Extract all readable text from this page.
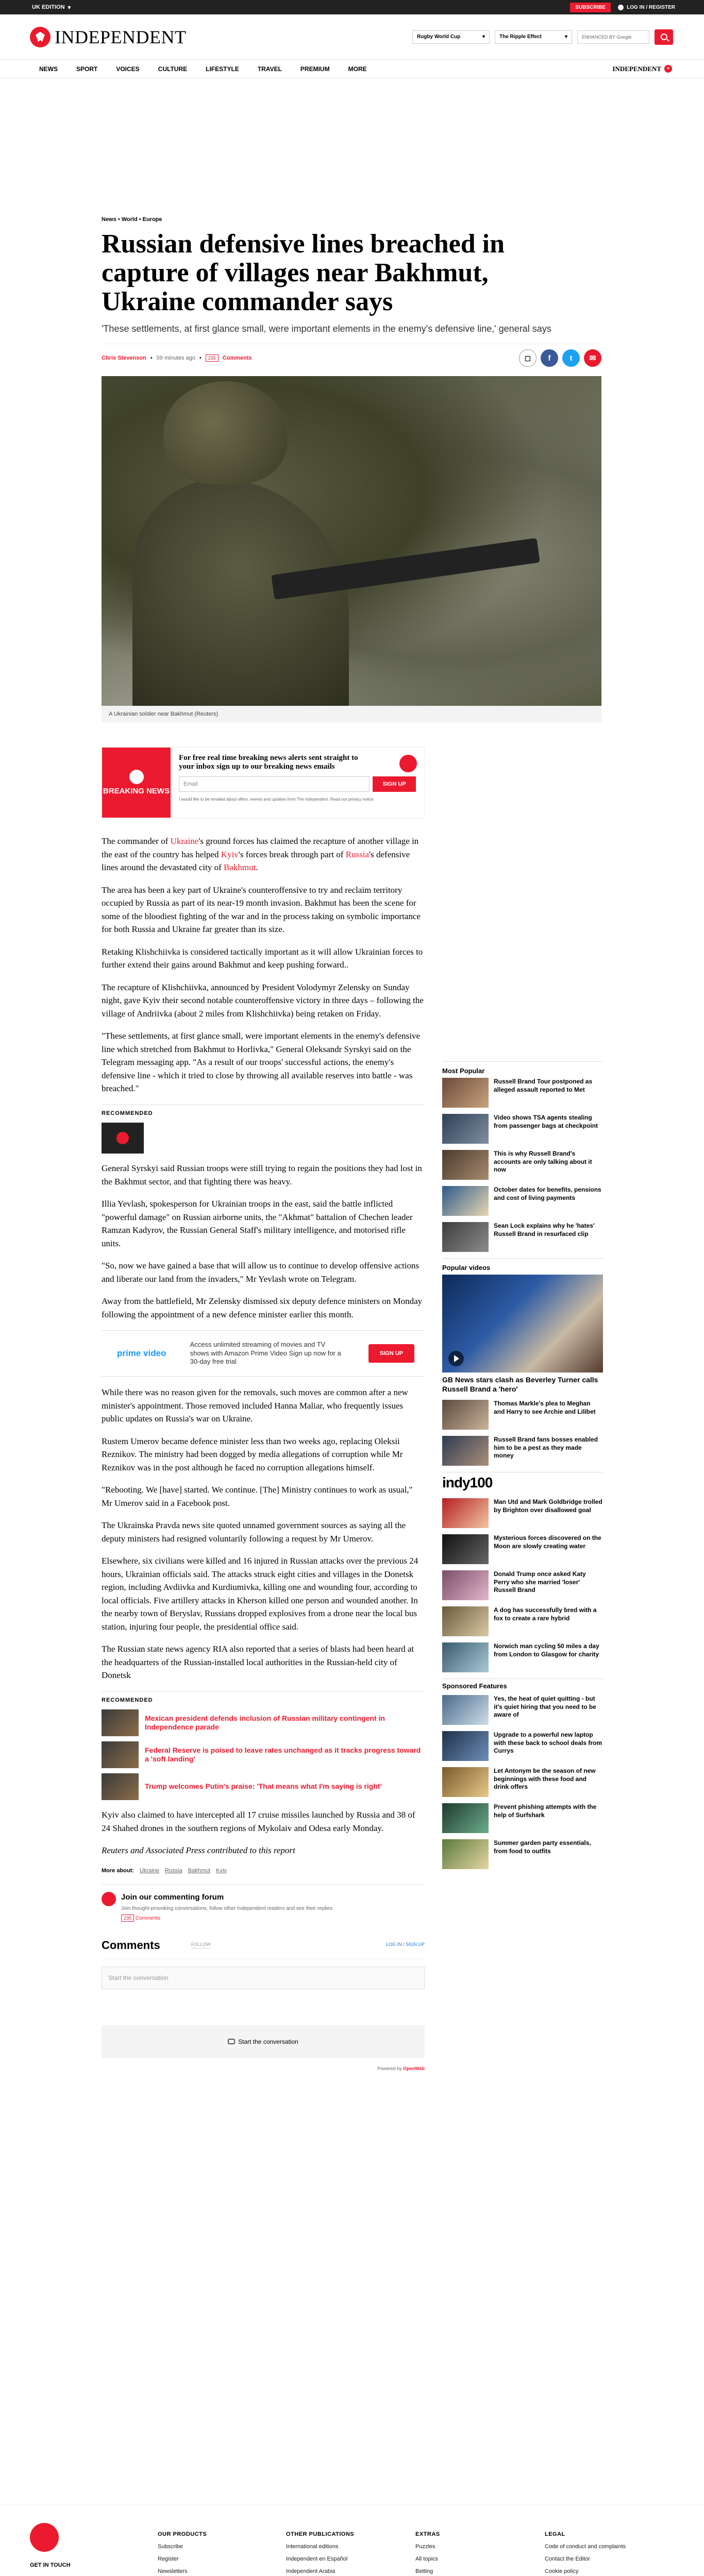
UK EDITION ▾	SUBSCRIBE	LOG IN / REGISTER
INDEPENDENT	Rugby World Cup	▾	The Ripple Effect	▾	ENHANCED BY Google
NEWS	SPORT	VOICES	CULTURE	LIFESTYLE	TRAVEL	PREMIUM	MORE	INDEPENDENT	+
News • World • Europe
Russian defensive lines breached in capture of villages near Bakhmut, Ukraine commander says
'These settlements, at first glance small, were important elements in the enemy's defensive line,' general says
Chris Stevenson • 59 minutes ago •	235	Comments	◻	f	t	✉
A Ukrainian soldier near Bakhmut (Reuters)
BREAKING NEWS
For free real time breaking news alerts sent straight to your inbox sign up to our breaking news emails
Email	SIGN UP
I would like to be emailed about offers, events and updates from The Independent. Read our privacy notice

The commander of Ukraine's ground forces has claimed the recapture of another village in the east of the country has helped Kyiv's forces break through part of Russia's defensive lines around the devastated city of Bakhmut.

The area has been a key part of Ukraine's counteroffensive to try and reclaim territory occupied by Russia as part of its near-19 month invasion. Bakhmut has been the scene for some of the bloodiest fighting of the war and in the process taking on symbolic importance for both Russia and Ukraine far greater than its size.

Retaking Klishchiivka is considered tactically important as it will allow Ukrainian forces to further extend their gains around Bakhmut and keep pushing forward..

The recapture of Klishchiivka, announced by President Volodymyr Zelensky on Sunday night, gave Kyiv their second notable counteroffensive victory in three days – following the village of Andriivka (about 2 miles from Klishchiivka) being retaken on Friday.

"These settlements, at first glance small, were important elements in the enemy's defensive line which stretched from Bakhmut to Horlivka," General Oleksandr Syrskyi said on the Telegram messaging app. "As a result of our troops' successful actions, the enemy's defensive line - which it tried to close by throwing all available reserves into battle - was breached."

RECOMMENDED

General Syrskyi said Russian troops were still trying to regain the positions they had lost in the Bakhmut sector, and that fighting there was heavy.

Illia Yevlash, spokesperson for Ukrainian troops in the east, said the battle inflicted "powerful damage" on Russian airborne units, the "Akhmat" battalion of Chechen leader Ramzan Kadyrov, the Russian General Staff's military intelligence, and motorised rifle units.

"So, now we have gained a base that will allow us to continue to develop offensive actions and liberate our land from the invaders," Mr Yevlash wrote on Telegram.

Away from the battlefield, Mr Zelensky dismissed six deputy defence ministers on Monday following the appointment of a new defence minister earlier this month.

prime video
Access unlimited streaming of movies and TV shows with Amazon Prime Video Sign up now for a 30-day free trial
SIGN UP

While there was no reason given for the removals, such moves are common after a new minister's appointment. Those removed included Hanna Maliar, who frequently issues public updates on Russia's war on Ukraine.

Rustem Umerov became defence minister less than two weeks ago, replacing Oleksii Reznikov. The ministry had been dogged by media allegations of corruption while Mr Reznikov was in the post although he faced no corruption allegations himself.

"Rebooting. We [have] started. We continue. [The] Ministry continues to work as usual," Mr Umerov said in a Facebook post.

The Ukrainska Pravda news site quoted unnamed government sources as saying all the deputy ministers had resigned voluntarily following a request by Mr Umerov.

Elsewhere, six civilians were killed and 16 injured in Russian attacks over the previous 24 hours, Ukrainian officials said. The attacks struck eight cities and villages in the Donetsk region, including Avdiivka and Kurdiumivka, killing one and wounding four, according to local officials. Five artillery attacks in Kherson killed one person and wounded another. In the nearby town of Beryslav, Russians dropped explosives from a drone near the local bus station, injuring four people, the presidential office said.

The Russian state news agency RIA also reported that a series of blasts had been heard at the headquarters of the Russian-installed local authorities in the Russian-held city of Donetsk

RECOMMENDED
Mexican president defends inclusion of Russian military contingent in Independence parade
Federal Reserve is poised to leave rates unchanged as it tracks progress toward a 'soft landing'
Trump welcomes Putin's praise: 'That means what I'm saying is right'

Kyiv also claimed to have intercepted all 17 cruise missiles launched by Russia and 38 of 24 Shahed drones in the southern regions of Mykolaiv and Odesa early Monday.

Reuters and Associated Press contributed to this report

More about: Ukraine Russia Bakhmut Kyiv
Join our commenting forum
Join thought-provoking conversations, follow other Independent readers and see their replies
235 Comments
Comments	FOLLOW	LOG IN / SIGN UP
Start the conversation
Start the conversation
Powered by OpenWeb
Most Popular
Russell Brand Tour postponed as alleged assault reported to Met
Video shows TSA agents stealing from passenger bags at checkpoint
This is why Russell Brand's accounts are only talking about it now
October dates for benefits, pensions and cost of living payments
Sean Lock explains why he 'hates' Russell Brand in resurfaced clip
Popular videos
GB News stars clash as Beverley Turner calls Russell Brand a 'hero'
Thomas Markle's plea to Meghan and Harry to see Archie and Lilibet
Russell Brand fans bosses enabled him to be a pest as they made money
indy100
Man Utd and Mark Goldbridge trolled by Brighton over disallowed goal
Mysterious forces discovered on the Moon are slowly creating water
Donald Trump once asked Katy Perry who she married 'loser' Russell Brand
A dog has successfully bred with a fox to create a rare hybrid
Norwich man cycling 50 miles a day from London to Glasgow for charity
Sponsored Features
Yes, the heat of quiet quitting - but it's quiet hiring that you need to be aware of
Upgrade to a powerful new laptop with these back to school deals from Currys
Let Antonym be the season of new beginnings with these food and drink offers
Prevent phishing attempts with the help of Surfshark
Summer garden party essentials, from food to outfits
GET IN TOUCH
OUR PRODUCTS
Subscribe
Register
Newsletters
OTHER PUBLICATIONS
International editions
Independent en Español
Independent Arabia
EXTRAS
Puzzles
All topics
Betting
LEGAL
Code of conduct and complaints
Contact the Editor
Cookie policy
